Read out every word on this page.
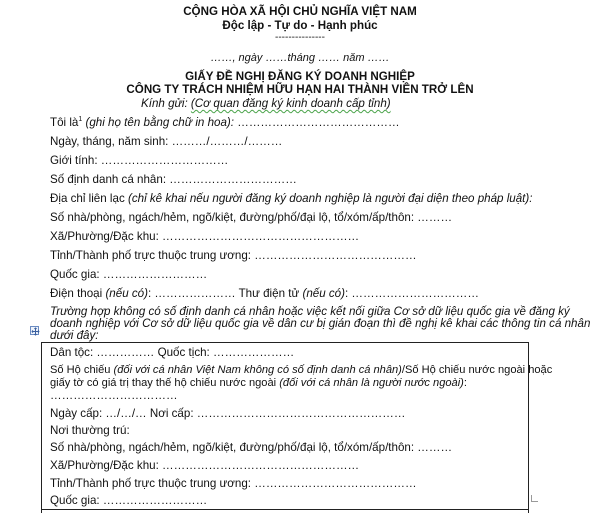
CỘNG HÒA XÃ HỘI CHỦ NGHĨA VIỆT NAM
Độc lập - Tự do - Hạnh phúc
---------------
……, ngày ……tháng …… năm ……
GIẤY ĐỀ NGHỊ ĐĂNG KÝ DOANH NGHIỆP
CÔNG TY TRÁCH NHIỆM HỮU HẠN HAI THÀNH VIÊN TRỞ LÊN
Kính gửi: (Cơ quan đăng ký kinh doanh cấp tỉnh)
Tôi $là^1$ (ghi họ tên bằng chữ in hoa): ……………………………………
Ngày, tháng, năm sinh: ………/………/………
Giới tính: ……………………………
Số định danh cá nhân: ……………………………
Địa chỉ liên lạc (chỉ kê khai nếu người đăng ký doanh nghiệp là người đại diện theo pháp luật):
Số nhà/phòng, ngách/hẻm, ngõ/kiệt, đường/phố/đại lộ, tổ/xóm/ấp/thôn: ………
Xã/Phường/Đặc khu: ……………………………………………
Tỉnh/Thành phố trực thuộc trung ương: ……………………………………
Quốc gia: ………………………
Điện thoại (nếu có): ………………… Thư điện tử (nếu có): ……………………………
Trường hợp không có số định danh cá nhân hoặc việc kết nối giữa Cơ sở dữ liệu quốc gia về đăng ký
doanh nghiệp với Cơ sở dữ liệu quốc gia về dân cư bị gián đoạn thì đề nghị kê khai các thông tin cá nhân
dưới đây:
Dân tộc: …………… Quốc tịch: …………………
Số Hộ chiếu (đối với cá nhân Việt Nam không có số định danh cá nhân)/Số Hộ chiếu nước ngoài hoặc
giấy tờ có giá trị thay thế hộ chiếu nước ngoài (đối với cá nhân là người nước ngoài):
……………………………
Ngày cấp: …/…/… Nơi cấp: ………………………………………………
Nơi thường trú:
Số nhà/phòng, ngách/hẻm, ngõ/kiệt, đường/phố/đại lộ, tổ/xóm/ấp/thôn: ………
Xã/Phường/Đặc khu: ……………………………………………
Tỉnh/Thành phố trực thuộc trung ương: ……………………………………
Quốc gia: ………………………
